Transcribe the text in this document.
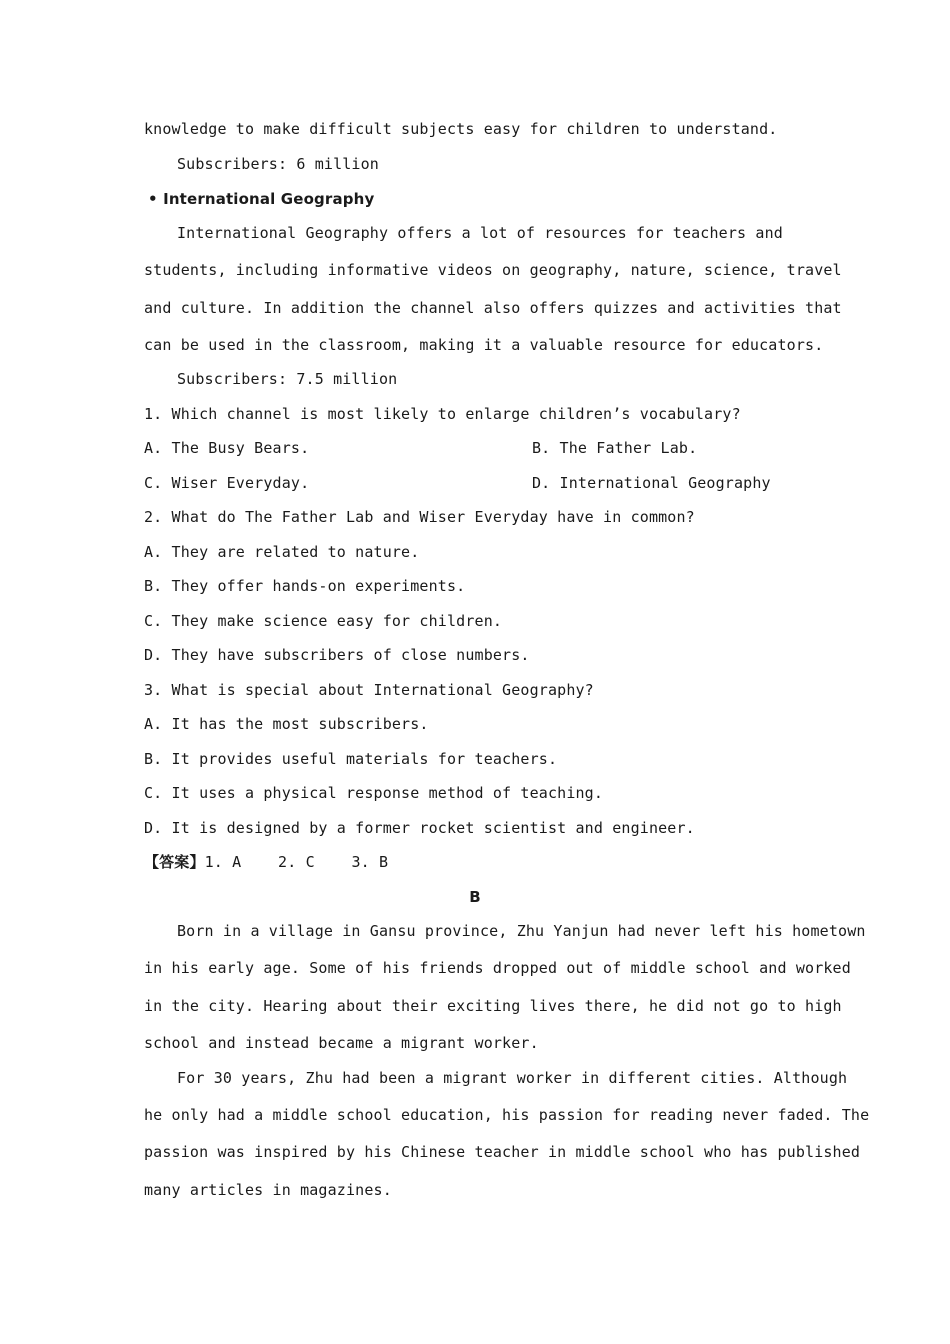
knowledge to make difficult subjects easy for children to understand.
Subscribers: 6 million
• International Geography
International Geography offers a lot of resources for teachers and
students, including informative videos on geography, nature, science, travel
and culture. In addition the channel also offers quizzes and activities that
can be used in the classroom, making it a valuable resource for educators.
Subscribers: 7.5 million
1. Which channel is most likely to enlarge children’s vocabulary?
A. The Busy Bears.	B. The Father Lab.
C. Wiser Everyday.	D. International Geography
2. What do The Father Lab and Wiser Everyday have in common?
A. They are related to nature.
B. They offer hands-on experiments.
C. They make science easy for children.
D. They have subscribers of close numbers.
3. What is special about International Geography?
A. It has the most subscribers.
B. It provides useful materials for teachers.
C. It uses a physical response method of teaching.
D. It is designed by a former rocket scientist and engineer.
【答案】1. A    2. C    3. B
B
Born in a village in Gansu province, Zhu Yanjun had never left his hometown
in his early age. Some of his friends dropped out of middle school and worked
in the city. Hearing about their exciting lives there, he did not go to high
school and instead became a migrant worker.
For 30 years, Zhu had been a migrant worker in different cities. Although
he only had a middle school education, his passion for reading never faded. The
passion was inspired by his Chinese teacher in middle school who has published
many articles in magazines.
